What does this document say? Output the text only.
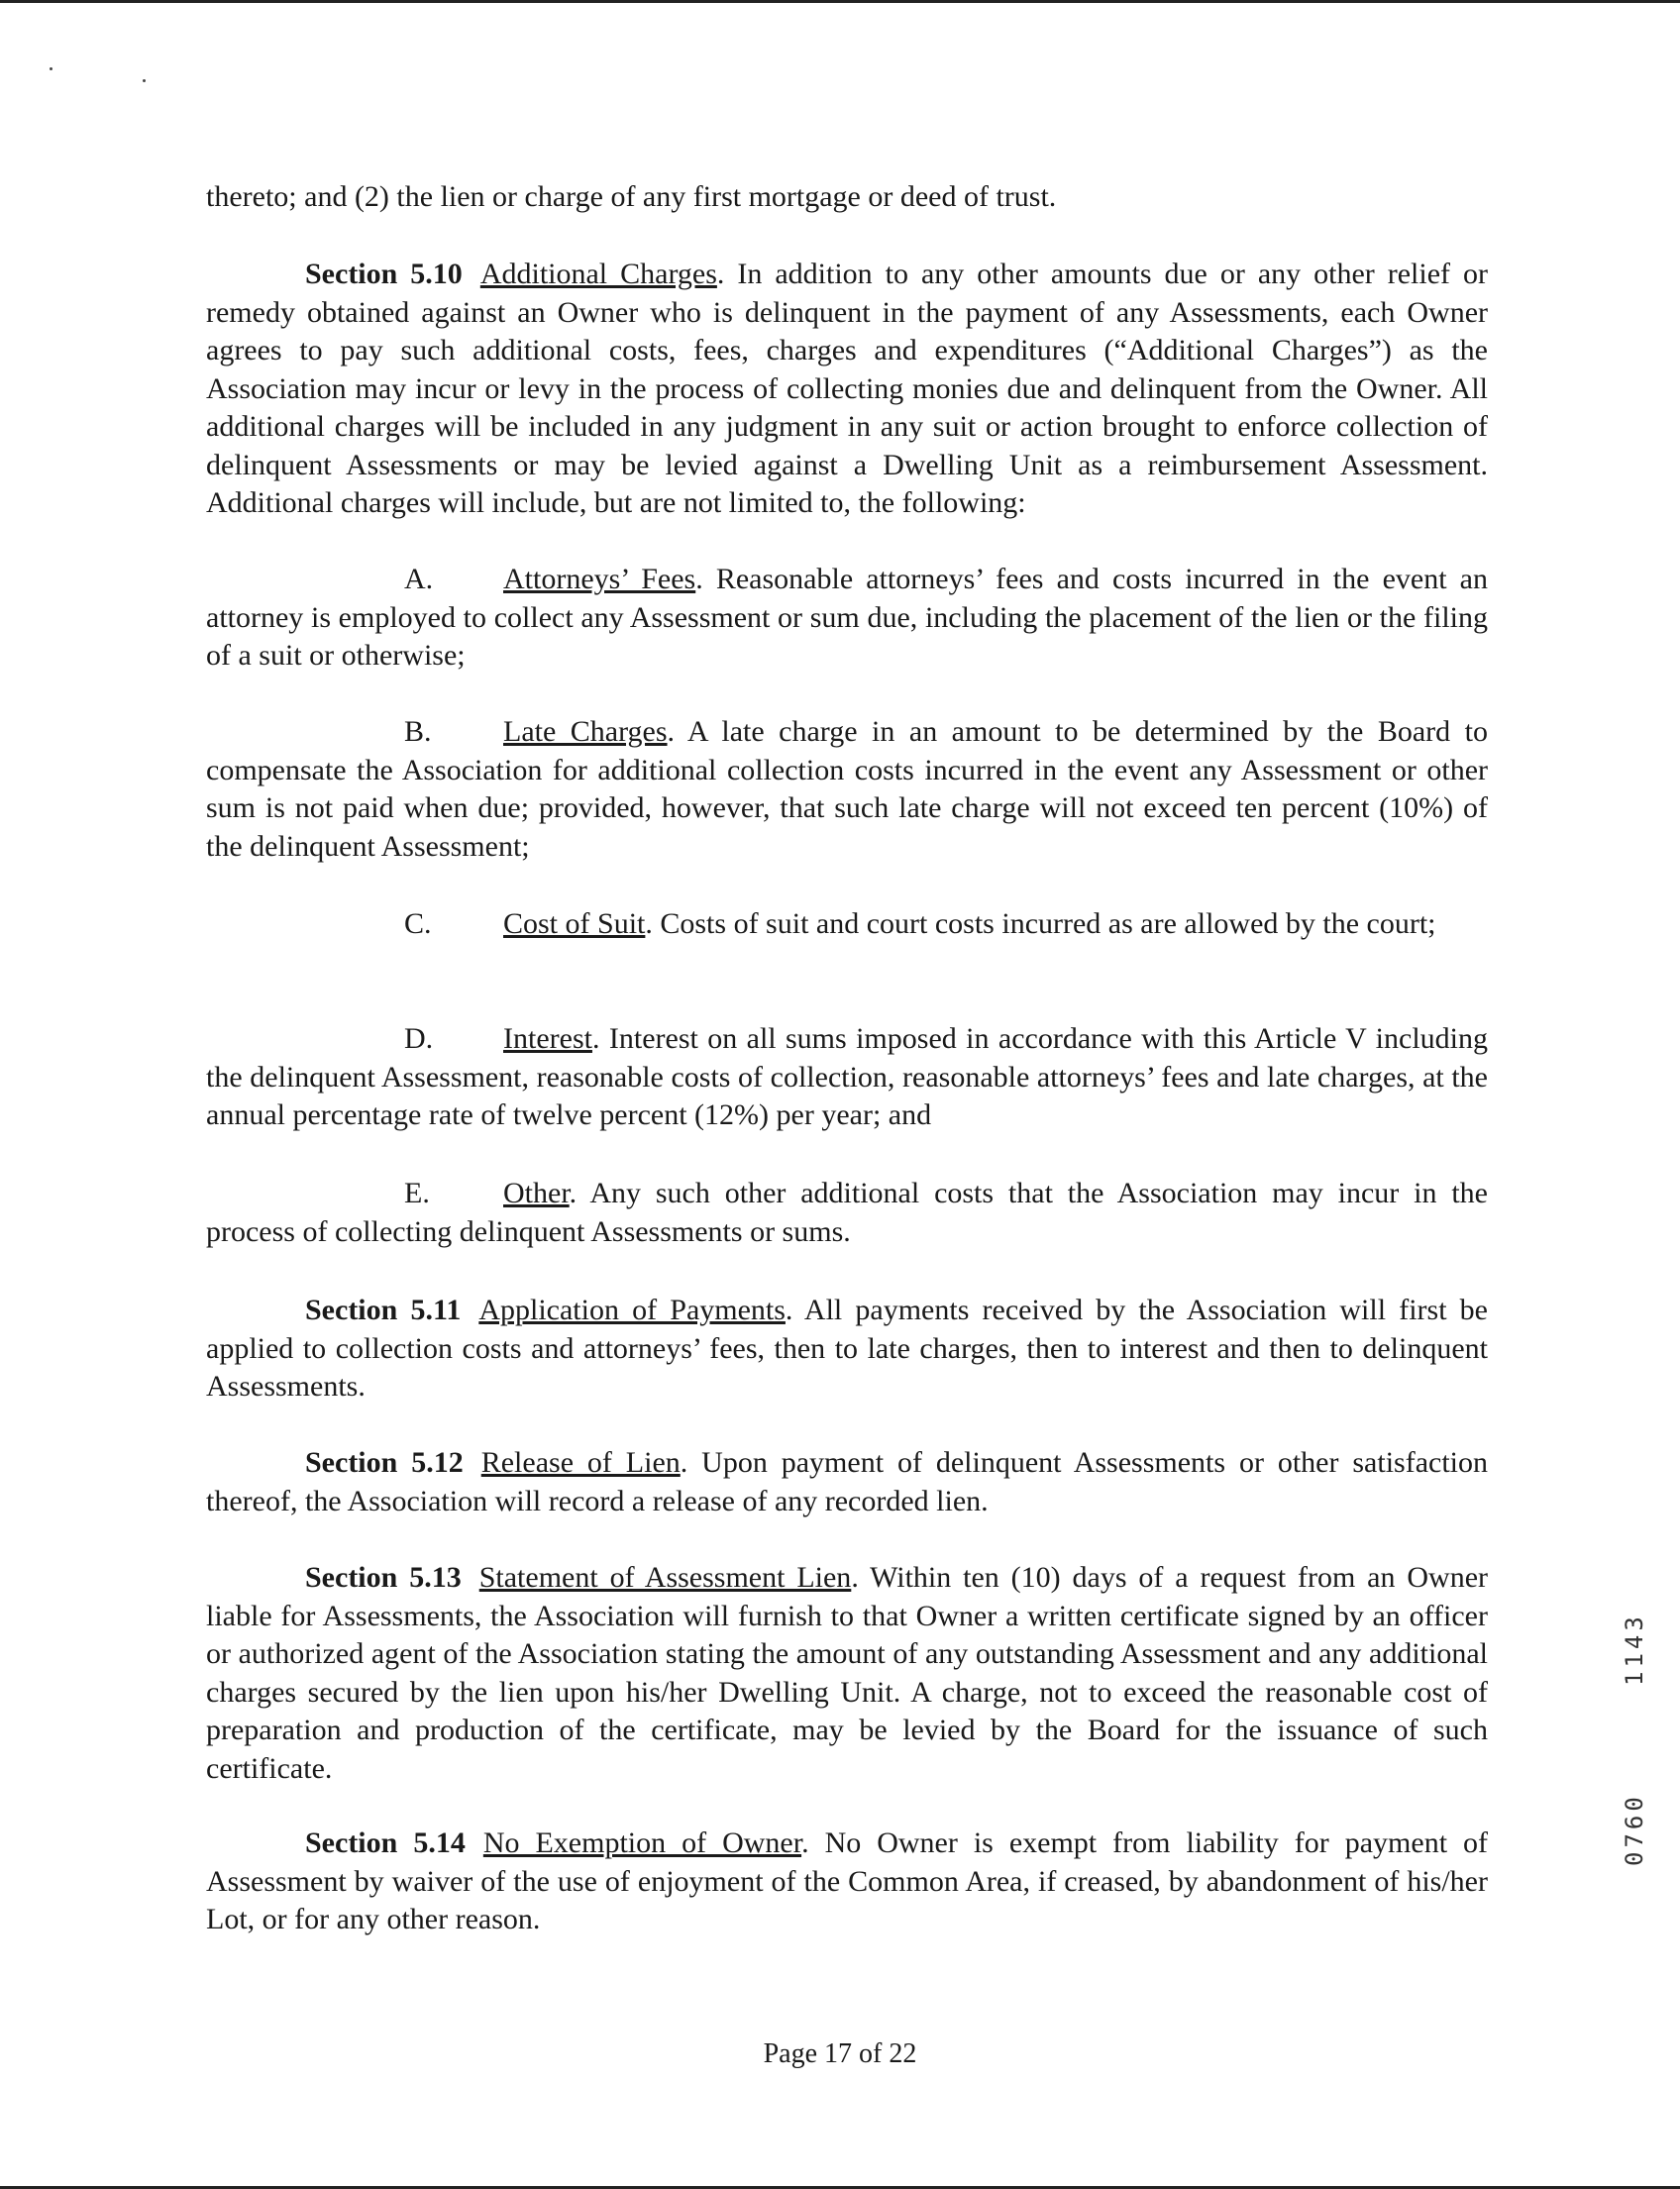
thereto; and (2) the lien or charge of any first mortgage or deed of trust.

Section 5.10 Additional Charges. In addition to any other amounts due or any other relief or remedy obtained against an Owner who is delinquent in the payment of any Assessments, each Owner agrees to pay such additional costs, fees, charges and expenditures (“Additional Charges”) as the Association may incur or levy in the process of collecting monies due and delinquent from the Owner. All additional charges will be included in any judgment in any suit or action brought to enforce collection of delinquent Assessments or may be levied against a Dwelling Unit as a reimbursement Assessment. Additional charges will include, but are not limited to, the following:

A. Attorneys’ Fees. Reasonable attorneys’ fees and costs incurred in the event an attorney is employed to collect any Assessment or sum due, including the placement of the lien or the filing of a suit or otherwise;

B. Late Charges. A late charge in an amount to be determined by the Board to compensate the Association for additional collection costs incurred in the event any Assessment or other sum is not paid when due; provided, however, that such late charge will not exceed ten percent (10%) of the delinquent Assessment;

C. Cost of Suit. Costs of suit and court costs incurred as are allowed by the court;

D. Interest. Interest on all sums imposed in accordance with this Article V including the delinquent Assessment, reasonable costs of collection, reasonable attorneys’ fees and late charges, at the annual percentage rate of twelve percent (12%) per year; and

E. Other. Any such other additional costs that the Association may incur in the process of collecting delinquent Assessments or sums.

Section 5.11 Application of Payments. All payments received by the Association will first be applied to collection costs and attorneys’ fees, then to late charges, then to interest and then to delinquent Assessments.

Section 5.12 Release of Lien. Upon payment of delinquent Assessments or other satisfaction thereof, the Association will record a release of any recorded lien.

Section 5.13 Statement of Assessment Lien. Within ten (10) days of a request from an Owner liable for Assessments, the Association will furnish to that Owner a written certificate signed by an officer or authorized agent of the Association stating the amount of any outstanding Assessment and any additional charges secured by the lien upon his/her Dwelling Unit. A charge, not to exceed the reasonable cost of preparation and production of the certificate, may be levied by the Board for the issuance of such certificate.

Section 5.14 No Exemption of Owner. No Owner is exempt from liability for payment of Assessment by waiver of the use of enjoyment of the Common Area, if creased, by abandonment of his/her Lot, or for any other reason.

1143
0760
Page 17 of 22
